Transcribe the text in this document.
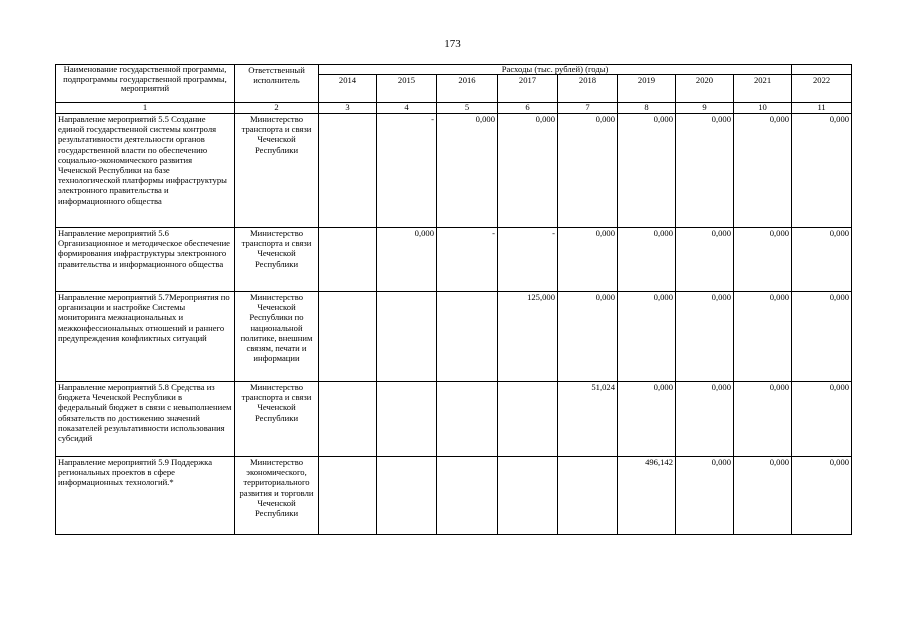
173
Наименование государственной программы, подпрограммы государственной программы, мероприятий	Ответственный исполнитель	Расходы (тыс. рублей) (годы)								
		2014	2015	2016	2017	2018	2019	2020	2021	2022
1	2	3	4	5	6	7	8	9	10	11
Направление мероприятий 5.5 Создание единой государственной системы контроля результативности деятельности органов государственной власти по обеспечению социально-экономического развития Чеченской Республики на базе технологической платформы инфраструктуры электронного правительства и информационного общества	Министерство транспорта и связи Чеченской Республики		-	0,000	0,000	0,000	0,000	0,000	0,000	0,000
Направление мероприятий 5.6 Организационное и методическое обеспечение формирования инфраструктуры электронного правительства и информационного общества	Министерство транспорта и связи Чеченской Республики		0,000	-	-	0,000	0,000	0,000	0,000	0,000
Направление мероприятий 5.7Мероприятия по организации и настройке Системы мониторинга межнациональных и межконфессиональных отношений и раннего предупреждения конфликтных ситуаций	Министерство Чеченской Республики по национальной политике, внешним связям, печати и информации				125,000	0,000	0,000	0,000	0,000	0,000
Направление мероприятий 5.8 Средства из бюджета Чеченской Республики в федеральный бюджет в связи с невыполнением обязательств по достижению значений показателей результативности использования субсидий	Министерство транспорта и связи Чеченской Республики					51,024	0,000	0,000	0,000	0,000
Направление мероприятий 5.9 Поддержка региональных проектов в сфере информационных технологий.*	Министерство экономического, территориального развития и торговли Чеченской Республики						496,142	0,000	0,000	0,000
